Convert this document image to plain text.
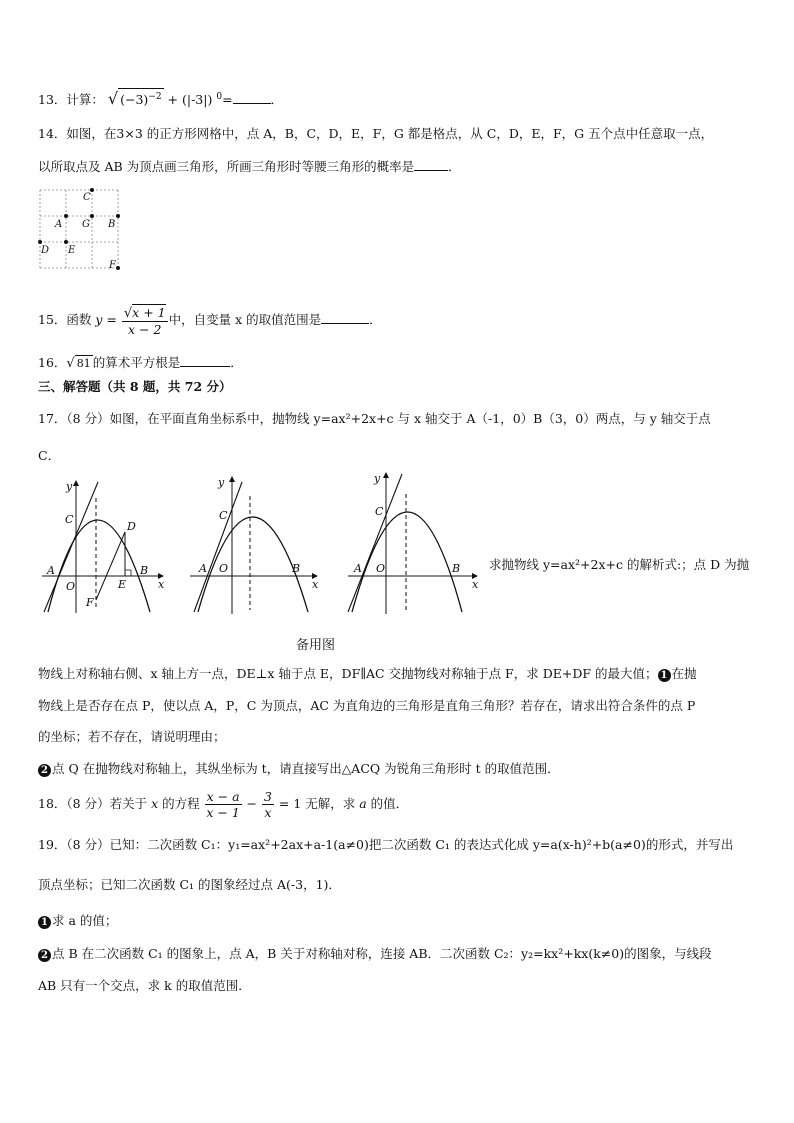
13．计算： √ $(-3)^{-2} + (|-3|)$ $^0$=	．
14．如图，在3×3 的正方形网格中，点 A，B，C，D，E，F，G 都是格点，从 C，D，E，F，G 五个点中任意取一点，
以所取点及 AB 为顶点画三角形，所画三角形时等腰三角形的概率是	．
C
A G B
D E
F
15．函数 $y = \frac{√x + 1}{x - 2}$ 中，自变量 x 的取值范围是	．
16．√ 81 的算术平方根是	．
三、解答题（共 8 题，共 72 分）
17．（8 分）如图，在平面直角坐标系中，抛物线 y=ax²+2x+c 与 x 轴交于 A（-1，0）B（3，0）两点，与 y 轴交于点
C．
y
x
O
A	B
C
D
E
F
y
x
O
A	B
C
y
x
O
A	B
C
求抛物线 y=ax²+2x+c 的解析式:；点 D 为抛
备用图
物线上对称轴右侧、x 轴上方一点，DE⊥x 轴于点 E，DF∥AC 交抛物线对称轴于点 F，求 DE+DF 的最大值； 1 在抛
物线上是否存在点 P，使以点 A，P，C 为顶点，AC 为直角边的三角形是直角三角形？若存在，请求出符合条件的点 P
的坐标；若不存在，请说明理由；
2 点 Q 在抛物线对称轴上，其纵坐标为 t，请直接写出△ACQ 为锐角三角形时 t 的取值范围．
18．（8 分）若关于 x 的方程 $\frac{x - a}{x - 1} - \frac{3}{x} = 1$ 无解，求 a 的值．
19．（8 分）已知：二次函数 C₁：y₁=ax²+2ax+a-1(a≠0)把二次函数 C₁ 的表达式化成 y=a(x-h)²+b(a≠0)的形式，并写出
顶点坐标；已知二次函数 C₁ 的图象经过点 A(-3，1)．
1 求 a 的值；
2 点 B 在二次函数 C₁ 的图象上，点 A，B 关于对称轴对称，连接 AB．二次函数 C₂：y₂=kx²+kx(k≠0)的图象，与线段
AB 只有一个交点，求 k 的取值范围．
